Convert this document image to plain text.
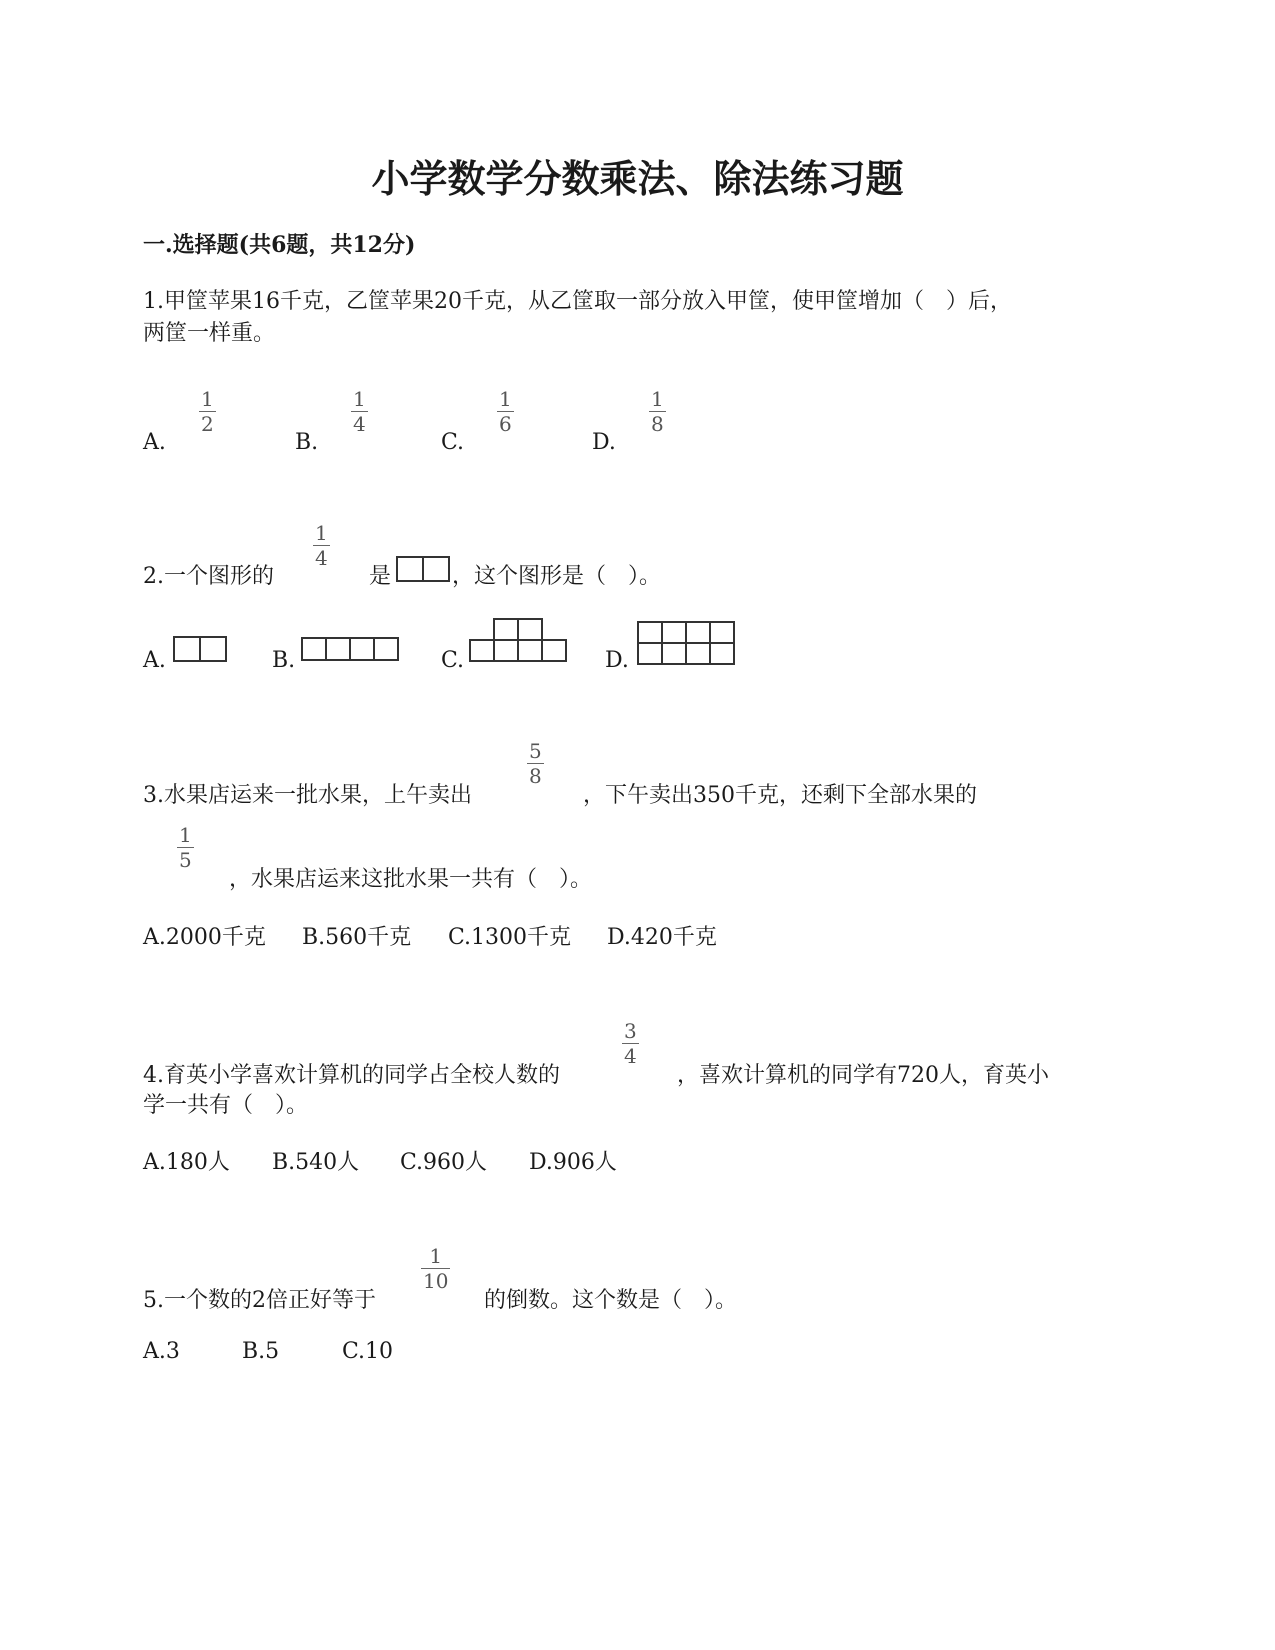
小学数学分数乘法、除法练习题
一.选择题(共6题，共12分)
1.甲筐苹果16千克，乙筐苹果20千克，从乙筐取一部分放入甲筐，使甲筐增加（　）后，
两筐一样重。
A.
1
2
B.
1
4
C.
1
6
D.
1
8
2.一个图形的
1
4
是	，这个图形是（　）。
A.	B.	C.	D.
3.水果店运来一批水果，上午卖出
5
8
，下午卖出350千克，还剩下全部水果的
1
5
，水果店运来这批水果一共有（　）。
A.2000千克 B.560千克 C.1300千克 D.420千克
4.育英小学喜欢计算机的同学占全校人数的
3
4
，喜欢计算机的同学有720人，育英小
学一共有（　）。
A.180人 B.540人 C.960人 D.906人
5.一个数的2倍正好等于
1
10
的倒数。这个数是（　）。
A.3	B.5	C.10
